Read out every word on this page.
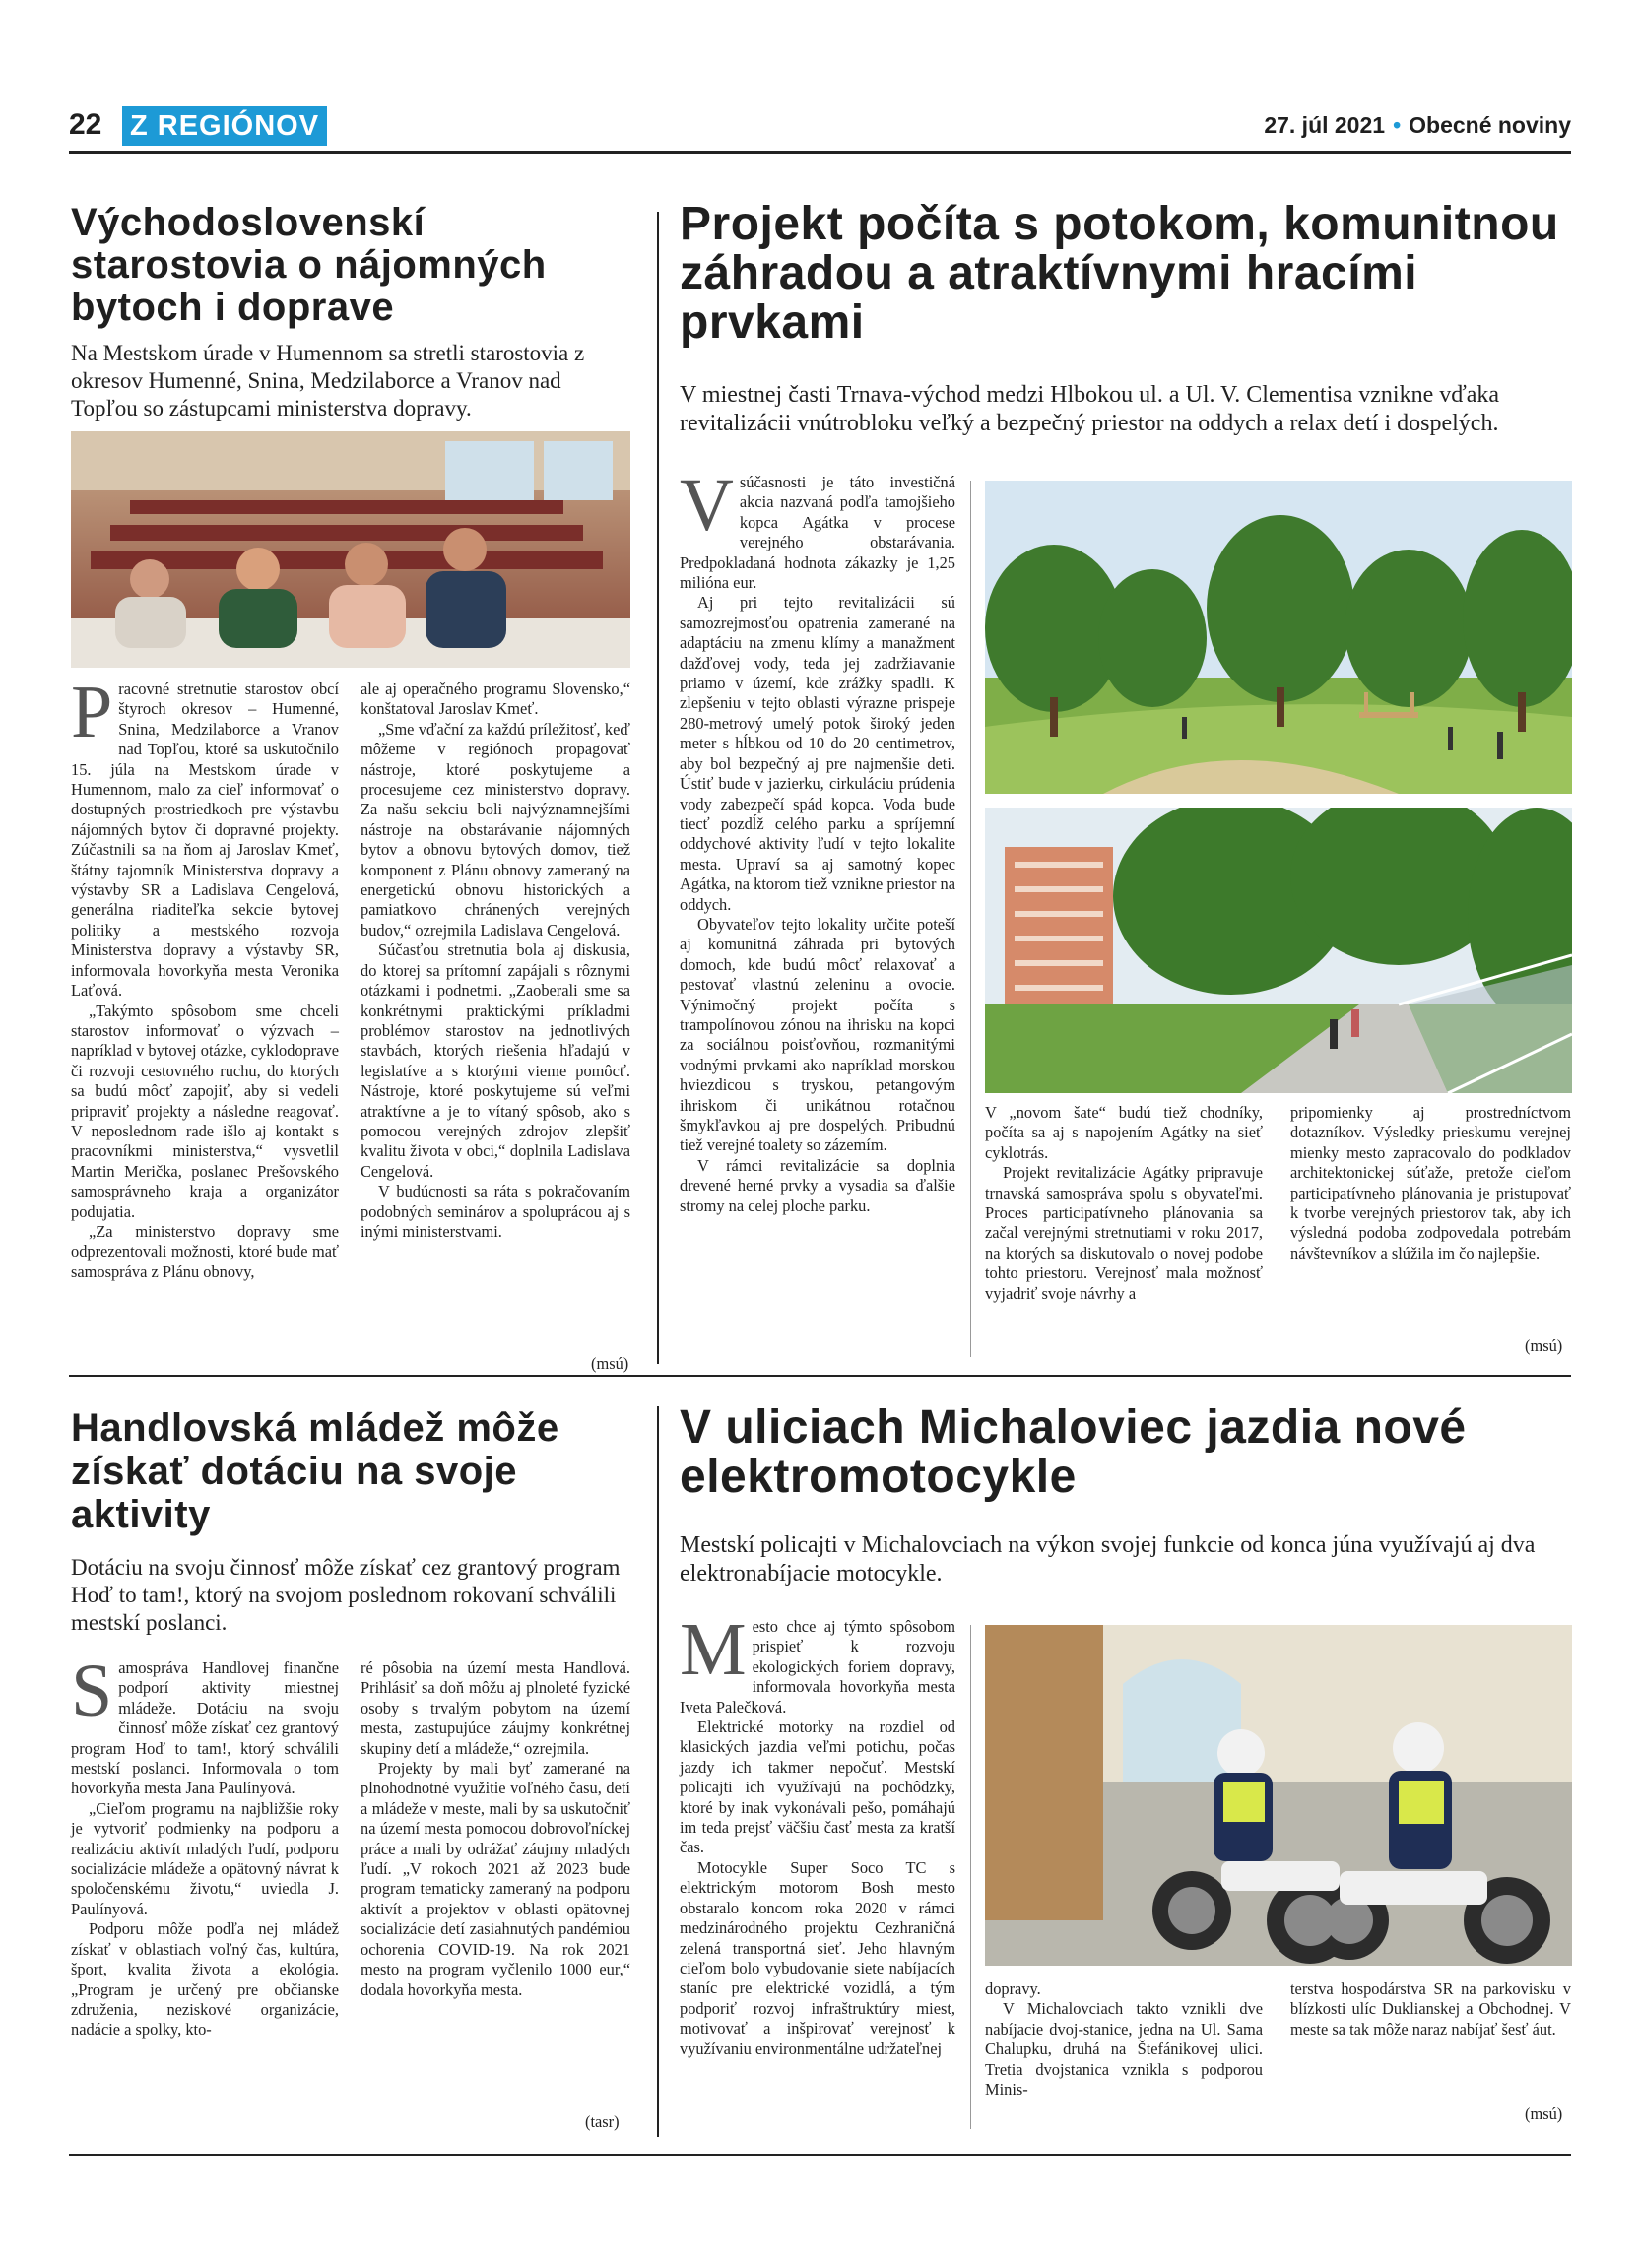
22 Z REGIÓNOV	27. júl 2021 • Obecné noviny
Východoslovenskí starostovia o nájomných bytoch i doprave

Na Mestskom úrade v Humennom sa stretli starostovia z okresov Humenné, Snina, Medzilaborce a Vranov nad Topľou so zástupcami ministerstva dopravy.

Pracovné stretnutie starostov obcí štyroch okresov – Humenné, Snina, Medzilaborce a Vranov nad Topľou, ktoré sa uskutočnilo 15. júla na Mestskom úrade v Humennom, malo za cieľ informovať o dostupných prostriedkoch pre výstavbu nájomných bytov či dopravné projekty. Zúčastnili sa na ňom aj Jaroslav Kmeť, štátny tajomník Ministerstva dopravy a výstavby SR a Ladislava Cengelová, generálna riaditeľka sekcie bytovej politiky a mestského rozvoja Ministerstva dopravy a výstavby SR, informovala hovorkyňa mesta Veronika Laťová.

„Takýmto spôsobom sme chceli starostov informovať o výzvach – napríklad v bytovej otázke, cyklodoprave či rozvoji cestovného ruchu, do ktorých sa budú môcť zapojiť, aby si vedeli pripraviť projekty a následne reagovať. V neposlednom rade išlo aj kontakt s pracovníkmi ministerstva,“ vysvetlil Martin Merička, poslanec Prešovského samosprávneho kraja a organizátor podujatia.

„Za ministerstvo dopravy sme odprezentovali možnosti, ktoré bude mať samospráva z Plánu obnovy,

ale aj operačného programu Slovensko,“ konštatoval Jaroslav Kmeť.

„Sme vďační za každú príležitosť, keď môžeme v regiónoch propagovať nástroje, ktoré poskytujeme a procesujeme cez ministerstvo dopravy. Za našu sekciu boli najvýznamnejšími nástroje na obstarávanie nájomných bytov a obnovu bytových domov, tiež komponent z Plánu obnovy zameraný na energetickú obnovu historických a pamiatkovo chránených verejných budov,“ ozrejmila Ladislava Cengelová.

Súčasťou stretnutia bola aj diskusia, do ktorej sa prítomní zapájali s rôznymi otázkami i podnetmi. „Zaoberali sme sa konkrétnymi praktickými príkladmi problémov starostov na jednotlivých stavbách, ktorých riešenia hľadajú v legislatíve a s ktorými vieme pomôcť. Nástroje, ktoré poskytujeme sú veľmi atraktívne a je to vítaný spôsob, ako s pomocou verejných zdrojov zlepšiť kvalitu života v obci,“ doplnila Ladislava Cengelová.

V budúcnosti sa ráta s pokračovaním podobných seminárov a spoluprácou aj s inými ministerstvami.

(msú)
Projekt počíta s potokom, komunitnou záhradou a atraktívnymi hracími prvkami

V miestnej časti Trnava-východ medzi Hlbokou ul. a Ul. V. Clementisa vznikne vďaka revitalizácii vnútrobloku veľký a bezpečný priestor na oddych a relax detí i dospelých.

Vsúčasnosti je táto investičná akcia nazvaná podľa tamojšieho kopca Agátka v procese verejného obstarávania. Predpokladaná hodnota zákazky je 1,25 milióna eur.

Aj pri tejto revitalizácii sú samozrejmosťou opatrenia zamerané na adaptáciu na zmenu klímy a manažment dažďovej vody, teda jej zadržiavanie priamo v území, kde zrážky spadli. K zlepšeniu v tejto oblasti výrazne prispeje 280-metrový umelý potok široký jeden meter s hĺbkou od 10 do 20 centimetrov, aby bol bezpečný aj pre najmenšie deti. Ústiť bude v jazierku, cirkuláciu prúdenia vody zabezpečí spád kopca. Voda bude tiecť pozdĺž celého parku a spríjemní oddychové aktivity ľudí v tejto lokalite mesta. Upraví sa aj samotný kopec Agátka, na ktorom tiež vznikne priestor na oddych.

Obyvateľov tejto lokality určite poteší aj komunitná záhrada pri bytových domoch, kde budú môcť relaxovať a pestovať vlastnú zeleninu a ovocie. Výnimočný projekt počíta s trampolínovou zónou na ihrisku na kopci za sociálnou poisťovňou, rozmanitými vodnými prvkami ako napríklad morskou hviezdicou s tryskou, petangovým ihriskom či unikátnou rotačnou šmykľavkou aj pre dospelých. Pribudnú tiež verejné toalety so zázemím.

V rámci revitalizácie sa doplnia drevené herné prvky a vysadia sa ďalšie stromy na celej ploche parku.

V „novom šate“ budú tiež chodníky, počíta sa aj s napojením Agátky na sieť cyklotrás.

Projekt revitalizácie Agátky pripravuje trnavská samospráva spolu s obyvateľmi. Proces participatívneho plánovania sa začal verejnými stretnutiami v roku 2017, na ktorých sa diskutovalo o novej podobe tohto priestoru. Verejnosť mala možnosť vyjadriť svoje návrhy a

pripomienky aj prostredníctvom dotazníkov. Výsledky prieskumu verejnej mienky mesto zapracovalo do podkladov architektonickej súťaže, pretože cieľom participatívneho plánovania je pristupovať k tvorbe verejných priestorov tak, aby ich výsledná podoba zodpovedala potrebám návštevníkov a slúžila im čo najlepšie.

(msú)
Handlovská mládež môže získať dotáciu na svoje aktivity

Dotáciu na svoju činnosť môže získať cez grantový program Hoď to tam!, ktorý na svojom poslednom rokovaní schválili mestskí poslanci.

Samospráva Handlovej finančne podporí aktivity miestnej mládeže. Dotáciu na svoju činnosť môže získať cez grantový program Hoď to tam!, ktorý schválili mestskí poslanci. Informovala o tom hovorkyňa mesta Jana Paulínyová.

„Cieľom programu na najbližšie roky je vytvoriť podmienky na podporu a realizáciu aktivít mladých ľudí, podporu socializácie mládeže a opätovný návrat k spoločenskému životu,“ uviedla J. Paulínyová.

Podporu môže podľa nej mládež získať v oblastiach voľný čas, kultúra, šport, kvalita života a ekológia. „Program je určený pre občianske združenia, neziskové organizácie, nadácie a spolky, kto-

ré pôsobia na území mesta Handlová. Prihlásiť sa doň môžu aj plnoleté fyzické osoby s trvalým pobytom na území mesta, zastupujúce záujmy konkrétnej skupiny detí a mládeže,“ ozrejmila.

Projekty by mali byť zamerané na plnohodnotné využitie voľného času, detí a mládeže v meste, mali by sa uskutočniť na území mesta pomocou dobrovoľníckej práce a mali by odrážať záujmy mladých ľudí. „V rokoch 2021 až 2023 bude program tematicky zameraný na podporu aktivít a projektov v oblasti opätovnej socializácie detí zasiahnutých pandémiou ochorenia COVID-19. Na rok 2021 mesto na program vyčlenilo 1000 eur,“ dodala hovorkyňa mesta.

(tasr)
V uliciach Michaloviec jazdia nové elektromotocykle

Mestskí policajti v Michalovciach na výkon svojej funkcie od konca júna využívajú aj dva elektronabíjacie motocykle.

Mesto chce aj týmto spôsobom prispieť k rozvoju ekologických foriem dopravy, informovala hovorkyňa mesta Iveta Palečková.

Elektrické motorky na rozdiel od klasických jazdia veľmi potichu, počas jazdy ich takmer nepočuť. Mestskí policajti ich využívajú na pochôdzky, ktoré by inak vykonávali pešo, pomáhajú im teda prejsť väčšiu časť mesta za kratší čas.

Motocykle Super Soco TC s elektrickým motorom Bosh mesto obstaralo koncom roka 2020 v rámci medzinárodného projektu Cezhraničná zelená transportná sieť. Jeho hlavným cieľom bolo vybudovanie siete nabíjacích staníc pre elektrické vozidlá, a tým podporiť rozvoj infraštruktúry miest, motivovať a inšpirovať verejnosť k využívaniu environmentálne udržateľnej

dopravy.

V Michalovciach takto vznikli dve nabíjacie dvoj-stanice, jedna na Ul. Sama Chalupku, druhá na Štefánikovej ulici. Tretia dvojstanica vznikla s podporou Minis-

terstva hospodárstva SR na parkovisku v blízkosti ulíc Duklianskej a Obchodnej. V meste sa tak môže naraz nabíjať šesť áut.

(msú)
